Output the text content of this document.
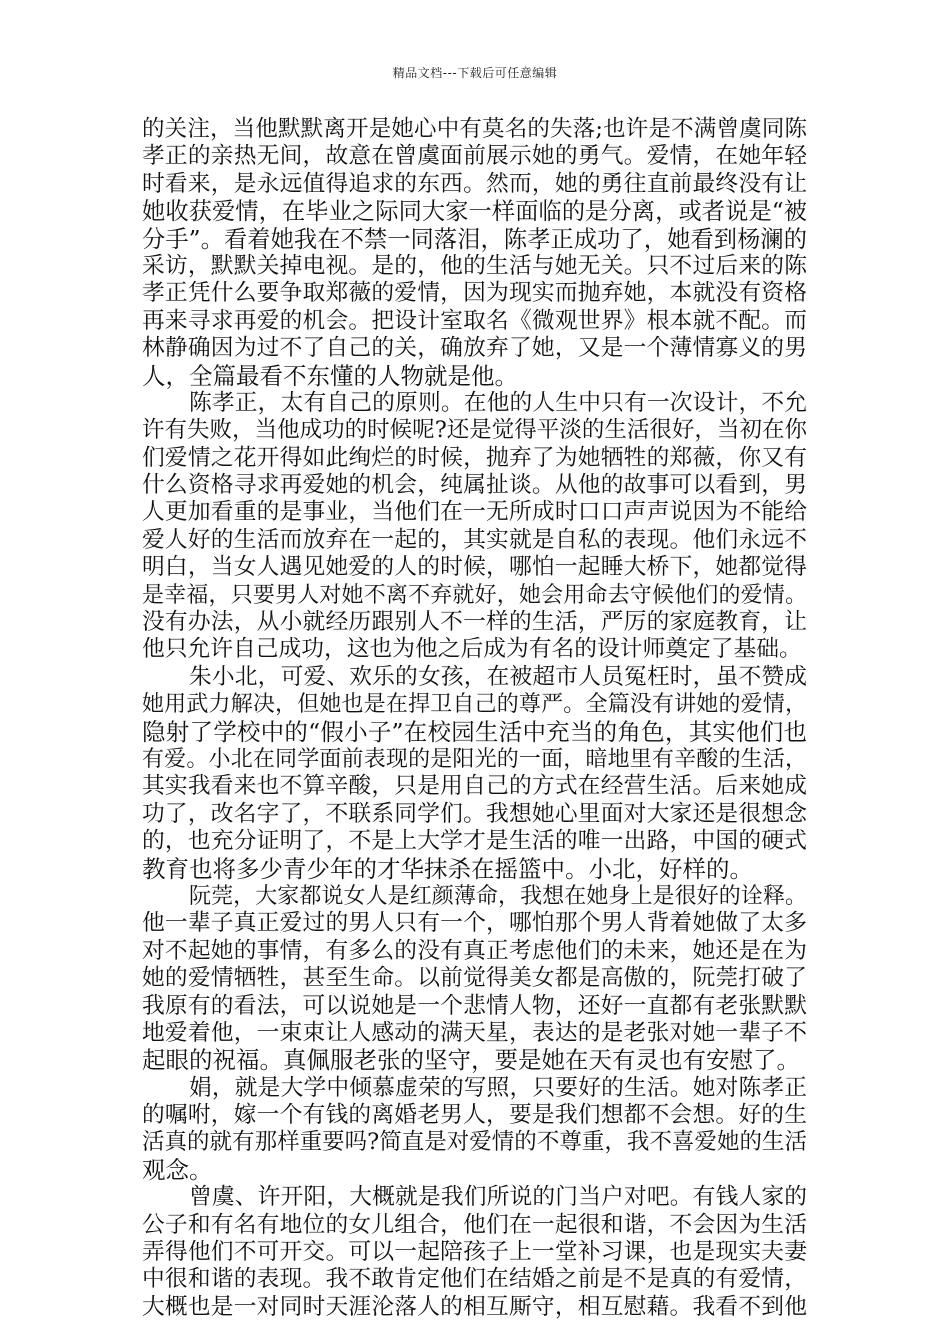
精品文档---下载后可任意编辑
的关注，当他默默离开是她心中有莫名的失落;也许是不满曾虞同陈
孝正的亲热无间，故意在曾虞面前展示她的勇气。爱情，在她年轻
时看来，是永远值得追求的东西。然而，她的勇往直前最终没有让
她收获爱情，在毕业之际同大家一样面临的是分离，或者说是“被
分手”。看着她我在不禁一同落泪，陈孝正成功了，她看到杨澜的
采访，默默关掉电视。是的，他的生活与她无关。只不过后来的陈
孝正凭什么要争取郑薇的爱情，因为现实而抛弃她，本就没有资格
再来寻求再爱的机会。把设计室取名《微观世界》根本就不配。而
林静确因为过不了自己的关，确放弃了她，又是一个薄情寡义的男
人，全篇最看不东懂的人物就是他。
陈孝正，太有自己的原则。在他的人生中只有一次设计，不允
许有失败，当他成功的时候呢?还是觉得平淡的生活很好，当初在你
们爱情之花开得如此绚烂的时候，抛弃了为她牺牲的郑薇，你又有
什么资格寻求再爱她的机会，纯属扯谈。从他的故事可以看到，男
人更加看重的是事业，当他们在一无所成时口口声声说因为不能给
爱人好的生活而放弃在一起的，其实就是自私的表现。他们永远不
明白，当女人遇见她爱的人的时候，哪怕一起睡大桥下，她都觉得
是幸福，只要男人对她不离不弃就好，她会用命去守候他们的爱情。
没有办法，从小就经历跟别人不一样的生活，严厉的家庭教育，让
他只允许自己成功，这也为他之后成为有名的设计师奠定了基础。
朱小北，可爱、欢乐的女孩，在被超市人员冤枉时，虽不赞成
她用武力解决，但她也是在捍卫自己的尊严。全篇没有讲她的爱情，
隐射了学校中的“假小子”在校园生活中充当的角色，其实他们也
有爱。小北在同学面前表现的是阳光的一面，暗地里有辛酸的生活，
其实我看来也不算辛酸，只是用自己的方式在经营生活。后来她成
功了，改名字了，不联系同学们。我想她心里面对大家还是很想念
的，也充分证明了，不是上大学才是生活的唯一出路，中国的硬式
教育也将多少青少年的才华抹杀在摇篮中。小北，好样的。
阮莞，大家都说女人是红颜薄命，我想在她身上是很好的诠释。
他一辈子真正爱过的男人只有一个，哪怕那个男人背着她做了太多
对不起她的事情，有多么的没有真正考虑他们的未来，她还是在为
她的爱情牺牲，甚至生命。以前觉得美女都是高傲的，阮莞打破了
我原有的看法，可以说她是一个悲情人物，还好一直都有老张默默
地爱着他，一束束让人感动的满天星，表达的是老张对她一辈子不
起眼的祝福。真佩服老张的坚守，要是她在天有灵也有安慰了。
娟，就是大学中倾慕虚荣的写照，只要好的生活。她对陈孝正
的嘱咐，嫁一个有钱的离婚老男人，要是我们想都不会想。好的生
活真的就有那样重要吗?简直是对爱情的不尊重，我不喜爱她的生活
观念。
曾虞、许开阳，大概就是我们所说的门当户对吧。有钱人家的
公子和有名有地位的女儿组合，他们在一起很和谐，不会因为生活
弄得他们不可开交。可以一起陪孩子上一堂补习课，也是现实夫妻
中很和谐的表现。我不敢肯定他们在结婚之前是不是真的有爱情，
大概也是一对同时天涯沦落人的相互厮守，相互慰藉。我看不到他
